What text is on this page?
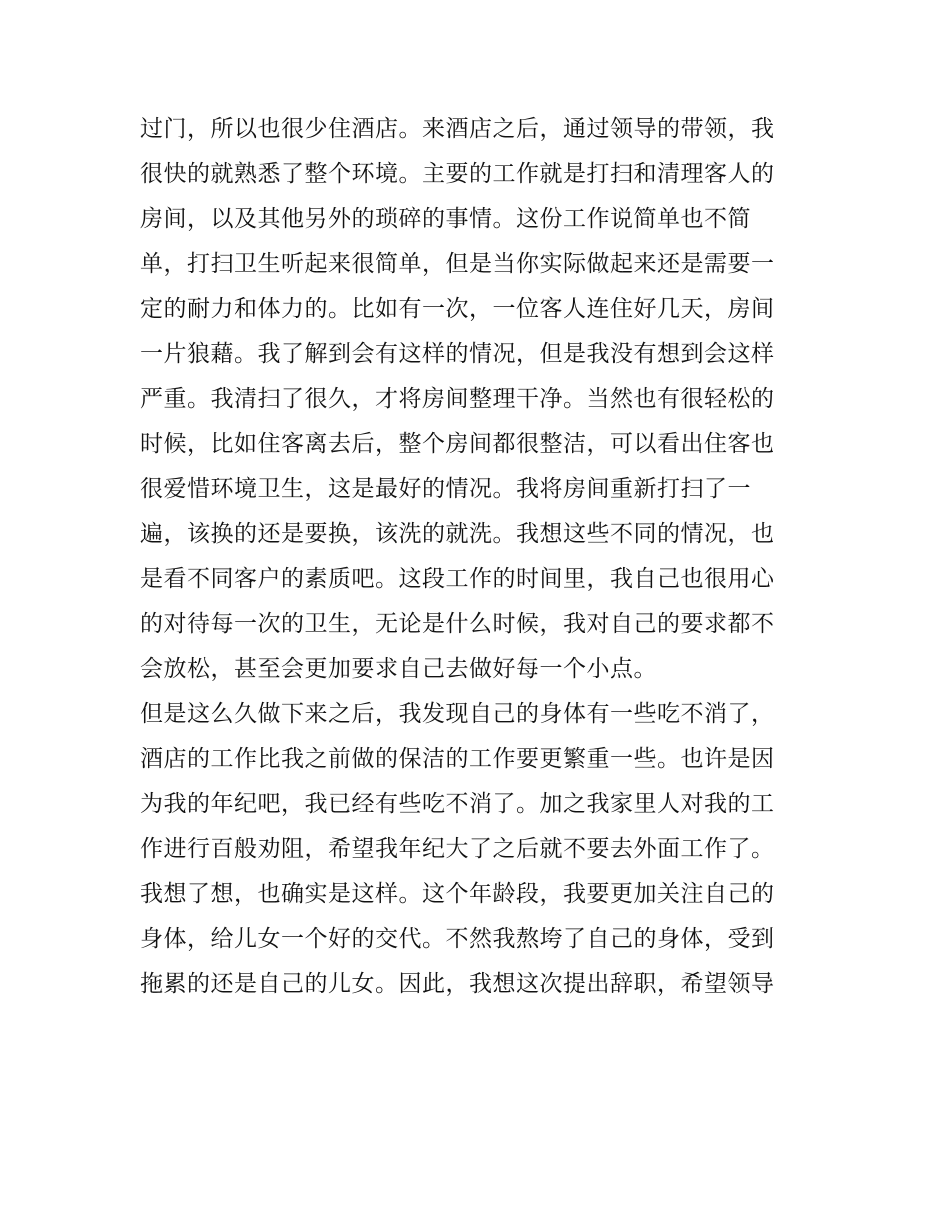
过门，所以也很少住酒店。来酒店之后，通过领导的带领，我
很快的就熟悉了整个环境。主要的工作就是打扫和清理客人的
房间，以及其他另外的琐碎的事情。这份工作说简单也不简
单，打扫卫生听起来很简单，但是当你实际做起来还是需要一
定的耐力和体力的。比如有一次，一位客人连住好几天，房间
一片狼藉。我了解到会有这样的情况，但是我没有想到会这样
严重。我清扫了很久，才将房间整理干净。当然也有很轻松的
时候，比如住客离去后，整个房间都很整洁，可以看出住客也
很爱惜环境卫生，这是最好的情况。我将房间重新打扫了一
遍，该换的还是要换，该洗的就洗。我想这些不同的情况，也
是看不同客户的素质吧。这段工作的时间里，我自己也很用心
的对待每一次的卫生，无论是什么时候，我对自己的要求都不
会放松，甚至会更加要求自己去做好每一个小点。
但是这么久做下来之后，我发现自己的身体有一些吃不消了，
酒店的工作比我之前做的保洁的工作要更繁重一些。也许是因
为我的年纪吧，我已经有些吃不消了。加之我家里人对我的工
作进行百般劝阻，希望我年纪大了之后就不要去外面工作了。
我想了想，也确实是这样。这个年龄段，我要更加关注自己的
身体，给儿女一个好的交代。不然我熬垮了自己的身体，受到
拖累的还是自己的儿女。因此，我想这次提出辞职，希望领导
